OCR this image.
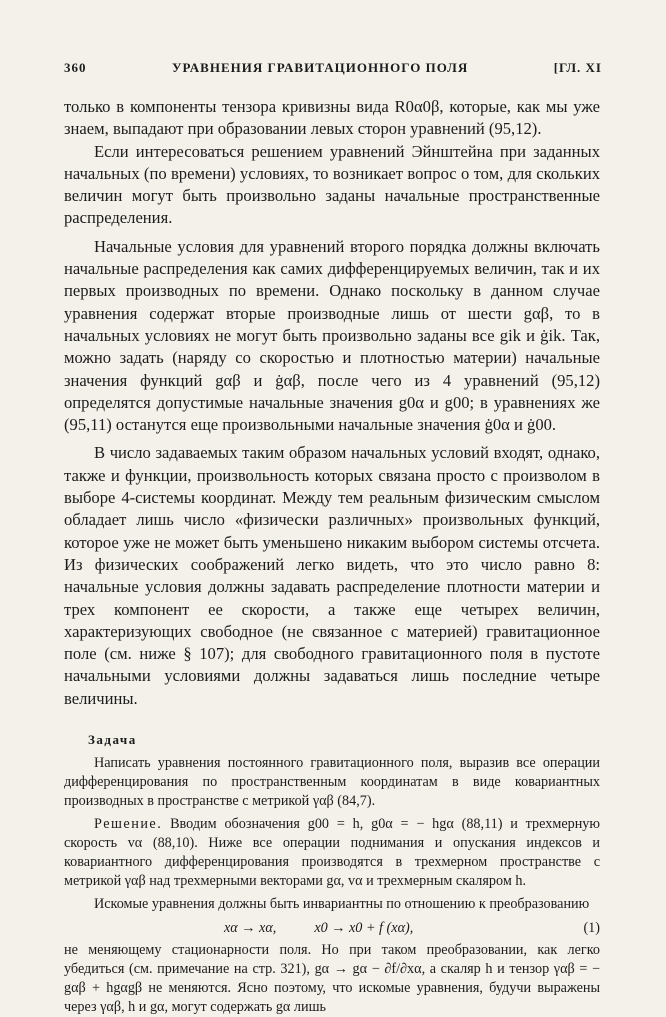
360	УРАВНЕНИЯ ГРАВИТАЦИОННОГО ПОЛЯ	[ГЛ. XI

только в компоненты тензора кривизны вида R0α0β, которые, как мы уже знаем, выпадают при образовании левых сторон уравнений (95,12).

Если интересоваться решением уравнений Эйнштейна при заданных начальных (по времени) условиях, то возникает вопрос о том, для скольких величин могут быть произвольно заданы начальные пространственные распределения.

Начальные условия для уравнений второго порядка должны включать начальные распределения как самих дифференцируемых величин, так и их первых производных по времени. Однако поскольку в данном случае уравнения содержат вторые производные лишь от шести gαβ, то в начальных условиях не могут быть произвольно заданы все gik и ġik. Так, можно задать (наряду со скоростью и плотностью материи) начальные значения функций gαβ и ġαβ, после чего из 4 уравнений (95,12) определятся допустимые начальные значения g0α и g00; в уравнениях же (95,11) останутся еще произвольными начальные значения ġ0α и ġ00.

В число задаваемых таким образом начальных условий входят, однако, также и функции, произвольность которых связана просто с произволом в выборе 4-системы координат. Между тем реальным физическим смыслом обладает лишь число «физически различных» произвольных функций, которое уже не может быть уменьшено никаким выбором системы отсчета. Из физических соображений легко видеть, что это число равно 8: начальные условия должны задавать распределение плотности материи и трех компонент ее скорости, а также еще четырех величин, характеризующих свободное (не связанное с материей) гравитационное поле (см. ниже § 107); для свободного гравитационного поля в пустоте начальными условиями должны задаваться лишь последние четыре величины.

Задача

Написать уравнения постоянного гравитационного поля, выразив все операции дифференцирования по пространственным координатам в виде ковариантных производных в пространстве с метрикой γαβ (84,7).

Решение. Вводим обозначения g00 = h, g0α = − hgα (88,11) и трехмерную скорость vα (88,10). Ниже все операции поднимания и опускания индексов и ковариантного дифференцирования производятся в трехмерном пространстве с метрикой γαβ над трехмерными векторами gα, vα и трехмерным скаляром h.

Искомые уравнения должны быть инвариантны по отношению к преобразованию

xα → xα,	x0 → x0 + f (xα),	(1)

не меняющему стационарности поля. Но при таком преобразовании, как легко убедиться (см. примечание на стр. 321), gα → gα − ∂f/∂xα, а скаляр h и тензор γαβ = − gαβ + hgαgβ не меняются. Ясно поэтому, что искомые уравнения, будучи выражены через γαβ, h и gα, могут содержать gα лишь
